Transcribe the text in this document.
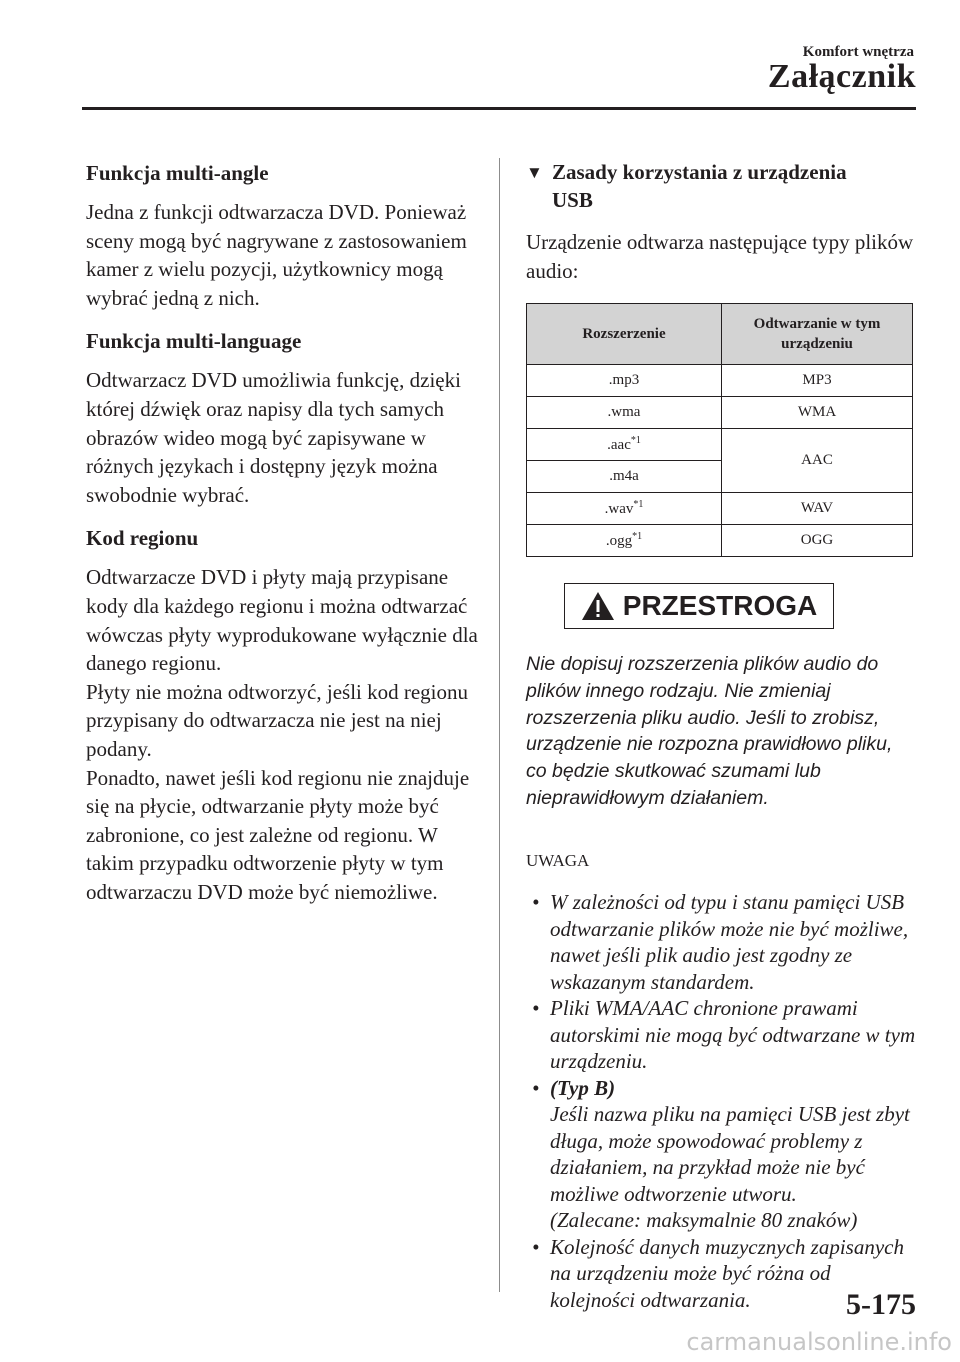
Komfort wnętrza
Załącznik

Funkcja multi-angle

Jedna z funkcji odtwarzacza DVD. Ponieważ sceny mogą być nagrywane z zastosowaniem kamer z wielu pozycji, użytkownicy mogą wybrać jedną z nich.

Funkcja multi-language

Odtwarzacz DVD umożliwia funkcję, dzięki której dźwięk oraz napisy dla tych samych obrazów wideo mogą być zapisywane w różnych językach i dostępny język można swobodnie wybrać.

Kod regionu

Odtwarzacze DVD i płyty mają przypisane kody dla każdego regionu i można odtwarzać wówczas płyty wyprodukowane wyłącznie dla danego regionu.

Płyty nie można odtworzyć, jeśli kod regionu przypisany do odtwarzacza nie jest na niej podany.

Ponadto, nawet jeśli kod regionu nie znajduje się na płycie, odtwarzanie płyty może być zabronione, co jest zależne od regionu. W takim przypadku odtworzenie płyty w tym odtwarzaczu DVD może być niemożliwe.

▼ Zasady korzystania z urządzenia USB

Urządzenie odtwarza następujące typy plików audio:

Rozszerzenie	Odtwarzanie w tym urządzeniu
.mp3	MP3
.wma	WMA
.aac$^{*1}$	AAC
.m4a	
.wav$^{*1}$	WAV
.ogg$^{*1}$	OGG
PRZESTROGA

Nie dopisuj rozszerzenia plików audio do plików innego rodzaju. Nie zmieniaj rozszerzenia pliku audio. Jeśli to zrobisz, urządzenie nie rozpozna prawidłowo pliku, co będzie skutkować szumami lub nieprawidłowym działaniem.

UWAGA
• W zależności od typu i stanu pamięci USB odtwarzanie plików może nie być możliwe, nawet jeśli plik audio jest zgodny ze wskazanym standardem.
• Pliki WMA/AAC chronione prawami autorskimi nie mogą być odtwarzane w tym urządzeniu.
• (Typ B)
Jeśli nazwa pliku na pamięci USB jest zbyt długa, może spowodować problemy z działaniem, na przykład może nie być możliwe odtworzenie utworu.
(Zalecane: maksymalnie 80 znaków)
• Kolejność danych muzycznych zapisanych na urządzeniu może być różna od kolejności odtwarzania.	5-175
carmanualsonline.info
